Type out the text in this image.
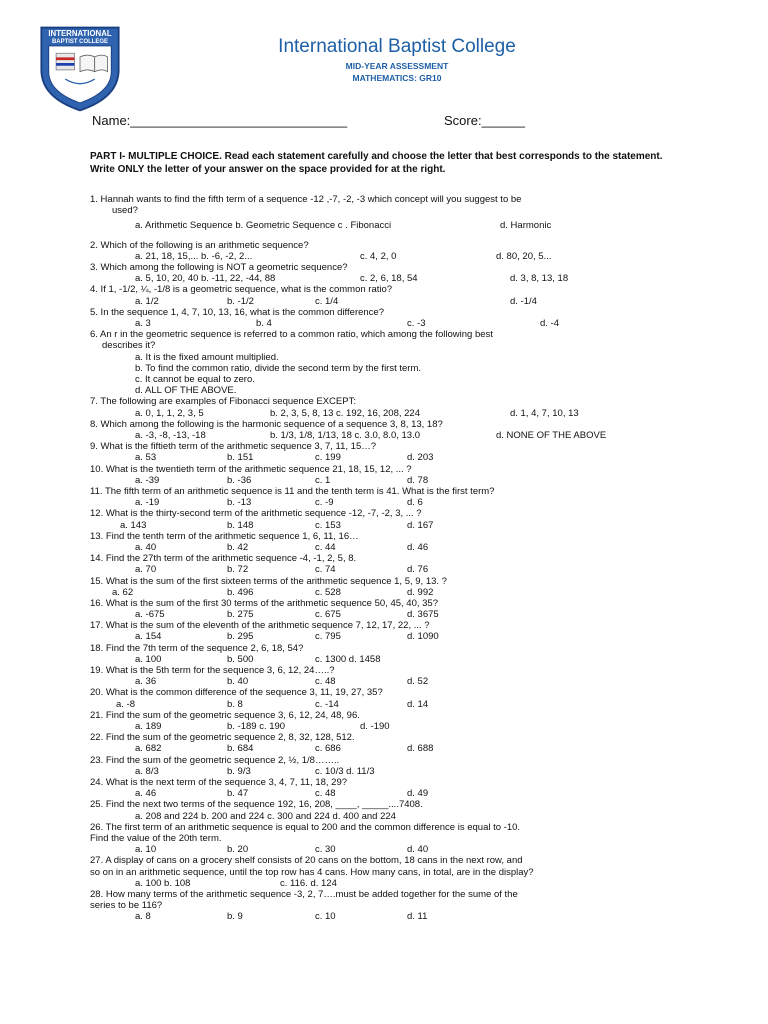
INTERNATIONAL
BAPTIST COLLEGE	International Baptist College
MID-YEAR ASSESSMENT
MATHEMATICS: GR10
Name:______________________________	Score:______
PART I- MULTIPLE CHOICE. Read each statement carefully and choose the letter that best corresponds to the statement. Write ONLY the letter of your answer on the space provided for at the right.
1. Hannah wants to find the fifth term of a sequence -12 ,-7, -2, -3 which concept will you suggest to be
used?
a. Arithmetic Sequence b. Geometric Sequence c . Fibonacci	d. Harmonic
2. Which of the following is an arithmetic sequence?
a. 21, 18, 15,... b. -6, -2, 2...	c. 4, 2, 0	d. 80, 20, 5...
3. Which among the following is NOT a geometric sequence?
a. 5, 10, 20, 40 b. -11, 22, -44, 88	c. 2, 6, 18, 54	d. 3, 8, 13, 18
4. If 1, -1/2, ¼, -1/8 is a geometric sequence, what is the common ratio?
a. 1/2	b. -1/2	c. 1/4	d. -1/4
5. In the sequence 1, 4, 7, 10, 13, 16, what is the common difference?
a. 3	b. 4	c. -3	d. -4
6. An r in the geometric sequence is referred to a common ratio, which among the following best
describes it?
a. It is the fixed amount multiplied.
b. To find the common ratio, divide the second term by the first term.
c. It cannot be equal to zero.
d. ALL OF THE ABOVE.
7. The following are examples of Fibonacci sequence EXCEPT:
a. 0, 1, 1, 2, 3, 5	b. 2, 3, 5, 8, 13 c. 192, 16, 208, 224	d. 1, 4, 7, 10, 13
8. Which among the following is the harmonic sequence of a sequence 3, 8, 13, 18?
a. -3, -8, -13, -18	b. 1/3, 1/8, 1/13, 18 c. 3.0, 8.0, 13.0	d. NONE OF THE ABOVE
9. What is the fiftieth term of the arithmetic sequence 3, 7, 11, 15…?
a. 53	b. 151	c. 199	d. 203
10. What is the twentieth term of the arithmetic sequence 21, 18, 15, 12, ... ?
a. -39	b. -36	c. 1	d. 78
11. The fifth term of an arithmetic sequence is 11 and the tenth term is 41. What is the first term?
a. -19	b. -13	c. -9	d. 6
12. What is the thirty-second term of the arithmetic sequence -12, -7, -2, 3, ... ?
a. 143	b. 148	c. 153	d. 167
13. Find the tenth term of the arithmetic sequence 1, 6, 11, 16…
a. 40	b. 42	c. 44	d. 46
14. Find the 27th term of the arithmetic sequence -4, -1, 2, 5, 8.
a. 70	b. 72	c. 74	d. 76
15. What is the sum of the first sixteen terms of the arithmetic sequence 1, 5, 9, 13. ?
a. 62	b. 496	c. 528	d. 992
16. What is the sum of the first 30 terms of the arithmetic sequence 50, 45, 40, 35?
a. -675	b. 275	c. 675	d. 3675
17. What is the sum of the eleventh of the arithmetic sequence 7, 12, 17, 22, ... ?
a. 154	b. 295	c. 795	d. 1090
18. Find the 7th term of the sequence 2, 6, 18, 54?
a. 100	b. 500	c. 1300 d. 1458
19. What is the 5th term for the sequence 3, 6, 12, 24…..?
a. 36	b. 40	c. 48	d. 52
20. What is the common difference of the sequence 3, 11, 19, 27, 35?
a. -8	b. 8	c. -14	d. 14
21. Find the sum of the geometric sequence 3, 6, 12, 24, 48, 96.
a. 189	b. -189 c. 190	d. -190
22. Find the sum of the geometric sequence 2, 8, 32, 128, 512.
a. 682	b. 684	c. 686	d. 688
23. Find the sum of the geometric sequence 2, ½, 1/8……..
a. 8/3	b. 9/3	c. 10/3 d. 11/3
24. What is the next term of the sequence 3, 4, 7, 11, 18, 29?
a. 46	b. 47	c. 48	d. 49
25. Find the next two terms of the sequence 192, 16, 208, ____, _____....7408.
a. 208 and 224 b. 200 and 224 c. 300 and 224 d. 400 and 224
26. The first term of an arithmetic sequence is equal to 200 and the common difference is equal to -10.
Find the value of the 20th term.
a. 10	b. 20	c. 30	d. 40
27. A display of cans on a grocery shelf consists of 20 cans on the bottom, 18 cans in the next row, and
so on in an arithmetic sequence, until the top row has 4 cans. How many cans, in total, are in the display?
a. 100 b. 108	c. 116. d. 124
28. How many terms of the arithmetic sequence -3, 2, 7….must be added together for the sume of the
series to be 116?
a. 8	b. 9	c. 10	d. 11
